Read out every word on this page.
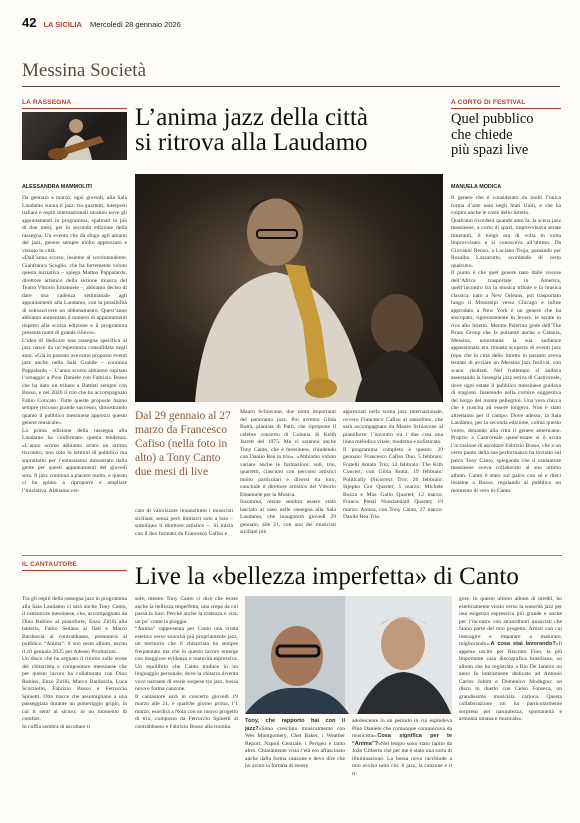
42 LA SICILIA Mercoledì 28 gennaio 2026
Messina Società
LA RASSEGNA
L’anima jazz della città
si ritrova alla Laudamo
ALESSANDRA MAMMOLITI
Da gennaio a marzo, ogni giovedì, alla Sala Laudamo suona il jazz: tra quartetti, interpreti italiani e ospiti internazionali saranno nove gli appuntamenti in programma, spalmati in più di due mesi, per la seconda edizione della rassegna. Un evento che dà sfogo agli amanti del jazz, genere sempre molto apprezzato e vissuto in città.
«Dall’anno scorso, insieme al sovrintendente, Gianfranco Scoglio, che ha fortemente voluto questa iniziativa – spiega Matteo Pappalardo, direttore artistico della sezione musica del Teatro Vittorio Emanuele –, abbiamo deciso di dare una cadenza settimanale agli appuntamenti alla Laudamo, con la possibilità di sottoscrivere un abbonamento. Quest’anno abbiamo aumentato il numero di appuntamenti rispetto alla scorsa edizione e il programma presenta nomi di grande rilievo».
L’idea di dedicare una rassegna specifica al jazz nasce da un’esperienza consolidata negli anni. «Già in passato avevamo proposto eventi jazz anche nella Sala Grande – continua Pappalardo –. L’anno scorso abbiamo ospitato l’omaggio a Pino Daniele con Fabrizio Bosso che ha dato un tributo a Battisti sempre con Bosso, e nel 2020 il trio che ha accompagnato Fabio Concato. Tutte queste proposte hanno sempre riscosso grande successo, dimostrando quanto il pubblico messinese apprezzi questo genere musicale».
La prima edizione della rassegna alla Laudamo ha confermato questa tendenza. «L’anno scorso abbiamo avuto un ottimo riscontro, non solo in termini di pubblico ma soprattutto per l’entusiasmo dimostrato dalla gente per questi appuntamenti del giovedì sera. Il jazz continua a piacere molto, e questo ci ha spinto a riproporre e ampliare l’iniziativa. Abbiamo cer-
Dal 29 gennaio al 27 marzo da Francesco Cafiso (nella foto in alto) a Tony Canto due mesi di live
cato di valorizzare innanzitutto i musicisti siciliani, senza però limitarci solo a loro – sottolinea il direttore artistico –. Si inizia con il duo formato da Francesco Cafiso e
Mauro Schiavone, due nomi importanti del panorama jazz. Poi avremo Gilda Buttà, pianista di Patti, che ripropone il celebre concerto di Colonia di Keith Jarrett del 1975. Ma ci saranno anche Tony Canto, che è messinese, chiudendo con Danilo Rea in trio». «Abbiamo voluto variare anche le formazioni: soli, trio, quartetti, ciascuno con percorsi artistici molto particolari e diversi tra loro, conclude il direttore artistico del Vittorio Emanuele per la Musica.
Insomma, niente sembra essere stato lasciato al caso nelle rassegna alla Sala Laudamo, che inaugurerà giovedì 29 gennaio, alle 21, con uno dei musicisti siciliani più
apprezzati nella scena jazz internazionale, ovvero Francesco Cafiso al sassofono, che sarà accompagnato da Mauro Schiavone al pianoforte: l’incontro tra i due crea una linea melodica vitale, moderna e sofisticata.
Il programma completo è questo: 29 gennaio: Francesco Cafiso Duo. 5 febbraio: Fratelli Amato Trio; 12 febbraio: The Kith Concert, con Gilda Buttà; 19 febbraio: Politically (Sicorrect Trio; 26 febbraio: Stjepko Gut Quartet; 5 marzo: Michele Bozza e Max Gallo Quartet; 12 marzo: Franco Presti Nonstandard Quartet; 19 marzo: Anima, con Tony Canto, 27 marzo: Danilo Rea Trio.
A CORTO DI FESTIVAL
Quel pubblico
che chiede
più spazi live
MANUELA MODICA
Il genere che è considerato da molti l’unica forma d’arte nata negli Stati Uniti, e che ha colpito anche le coste dello Stretto.
Qualcuno ricorderà quando anni fa, la scena jazz messinese, a corto di spazi, improvvisava serate itineranti, il luogo era di volta in volta improvvisato e si conosceva all’ultimo. Da Giovanni Renzo, a Luciano Troja, passando per Rosalba Lazzarotto, scordando di certo qualcuno.
Il punto è che quel genere nato dalle viscere dell’Africa trasportate in America, quell’incontro tra la musica tribale e la musica classica, nato a New Orleans, poi trasportato lungo il Mississipi verso Chicago e infine approdato a New York è un genere che ha sincopato, rigorosamente in levare, le serate in riva allo Stretto. Mentre Palermo gode dell’The Brass Group che fa pulsante anche a Catania, Messina, nonostante la sua audience appassionata era rimasta scoperta di eventi jazz (tipo che la città dello Stretto in passato aveva tentato di avviare un Messina jazz festival, con scarsi risultati. Nel frattempo si andava assestando la rassegna jazz estiva di Castroreale, dove ogni estate il pubblico messinese guidava di stagioni. Inserendo nella cornice suggestiva del borgo del monte pellegrini. Una vera chicca che è riuscita ad essere longeva. Non è stato altrettanto per il campo. Dove adesso, la Sala Laudamo, per la seconda edizione, colma questo vuoto, donando alla città il genere americano. Proprio a Castroreale quest’estate si è avuta l’occasione di ascoltare Fabrizio Bosso, che a un certo punto della sua performance ha invitato sul palco Tony Canto, spiegando che il cantautore messinese aveva collaborato al suo ultimo album. Canto è stato sul palco con sé e dieci insieme a Bosso, regalando al pubblico un momento di vero in-Canto.
IL CANTAUTORE Live la «bellezza imperfetta» di Canto
Tra gli ospiti della rassegna jazz in programma alla Sala Laudamo ci sarà anche Tony Canto, il cantautore messinese, che, accompagnato da Dino Rubino al pianoforte, Enzo Zirilli alla batteria, Fabio Sedano ai fiati e Marco Bardoscia al contrabbasso, presenterà al pubblico “Anima”: il suo sesto album, uscito il 10 gennaio 2025 per Adesso Produzioni.
Un disco che ha segnato il ritorno sulle scene del chitarrista e compositore messinese che per questo lavoro ha collaborato con Dino Rubino, Enzo Zirilli, Marco Bardoscia, Luca Scorziello, Fabrizio Bosso e Ferruccio Spinetti. Otto tracce che assomigliano a una passeggiata durante un pomeriggio grigio, in cui ti senti al sicuro; in un momento di comfort.
In cuffia sembra di ascoltare il
sole, mentre Tony Canto ci dice che esiste anche la bellezza imperfetta, una crepa da cui passa la luce. Perché anche la tristezza è vita, un po’ come la pioggia.
“Anima” rappresenta per Canto una virata estetica verso sonorità più propriamente jazz, un territorio che il chitarrista ha sempre frequentato ma che in questo lavoro emerge con maggiore evidenza e maturità espressiva. Un equilibrio che Canto traduce in un linguaggio personale, dove la chitarra diventa voce narrante di storie sospese tra jazz, bossa nova e forma canzone.
Il cantautore sarà in concerto giovedì 19 marzo alle 21, e qualche giorno prima, l’1 marzo, esordirà a Nola con un nuovo progetto di trio, composto da Ferruccio Spinetti al contrabbasso e Fabrizio Bosso alla tromba.
Tony, che rapporto hai con il jazz?«Sono cresciuto musicalmente con Wes Montgomery, Chet Baker, i Weather Report, Napoli Centrale, i Perigeo e tanto altro. Chiaramente vista l’età ero affascinato anche dalla forma canzone e devo dire che ho avuto la fortuna di essere
adolescente in un periodo in cui esplodeva Pino Daniele che comunque comunicava da musicista».Cosa significa per te “Anima”?«Nel tempo sono stato rapito da João Gilberto che per me è stato una sorta di illuminazione. La bossa nova racchiude a mio avviso tutto ciò: il jazz, la canzone e il ri-
gore. In questo ultimo album di inediti, ho esteticamente virato verso la sonorità jazz per una esigenza espressiva più grande e anche per l’incontro con straordinari musicisti che fanno parte del mio progetto. Artisti con cui interagire e imparare a maturare, migliorando».A cosa stai lavorando?«Il appena uscito per Riscoito Fino, la più importante casa discografica brasiliana, un album che ho registrato a Rio De Janeiro un anno fa interamente dedicato ad Antonio Carlos Jobim e Domenico Modugno: un disco in duetto con Celso Fonseca, un grandissimo musicista carioca. Questa collaborazione mi ha particolarmente sorpreso per naturalezza, spontaneità e armonia umana e musicale».
